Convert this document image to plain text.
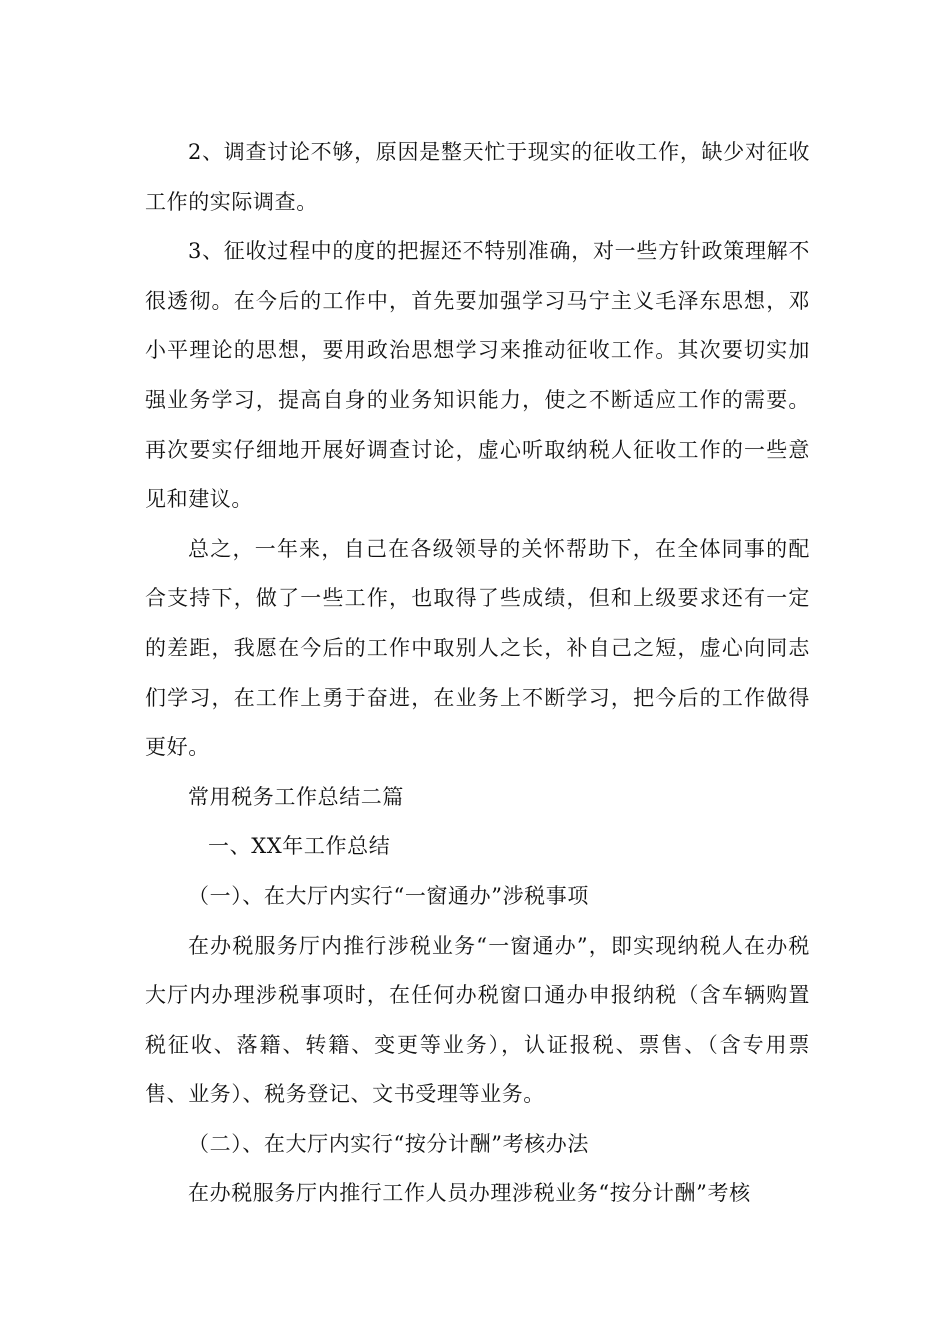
2、调查讨论不够，原因是整天忙于现实的征收工作，缺少对征收工作的实际调查。

3、征收过程中的度的把握还不特别准确，对一些方针政策理解不很透彻。在今后的工作中，首先要加强学习马宁主义毛泽东思想，邓小平理论的思想，要用政治思想学习来推动征收工作。其次要切实加强业务学习，提高自身的业务知识能力，使之不断适应工作的需要。再次要实仔细地开展好调查讨论，虚心听取纳税人征收工作的一些意见和建议。

总之，一年来，自己在各级领导的关怀帮助下，在全体同事的配合支持下，做了一些工作，也取得了些成绩，但和上级要求还有一定的差距，我愿在今后的工作中取别人之长，补自己之短，虚心向同志们学习，在工作上勇于奋进，在业务上不断学习，把今后的工作做得更好。

常用税务工作总结二篇

一、XX年工作总结

（一）、在大厅内实行“一窗通办”涉税事项

在办税服务厅内推行涉税业务“一窗通办”，即实现纳税人在办税大厅内办理涉税事项时，在任何办税窗口通办申报纳税（含车辆购置税征收、落籍、转籍、变更等业务），认证报税、票售、（含专用票售、业务）、税务登记、文书受理等业务。

（二）、在大厅内实行“按分计酬”考核办法

在办税服务厅内推行工作人员办理涉税业务“按分计酬”考核
